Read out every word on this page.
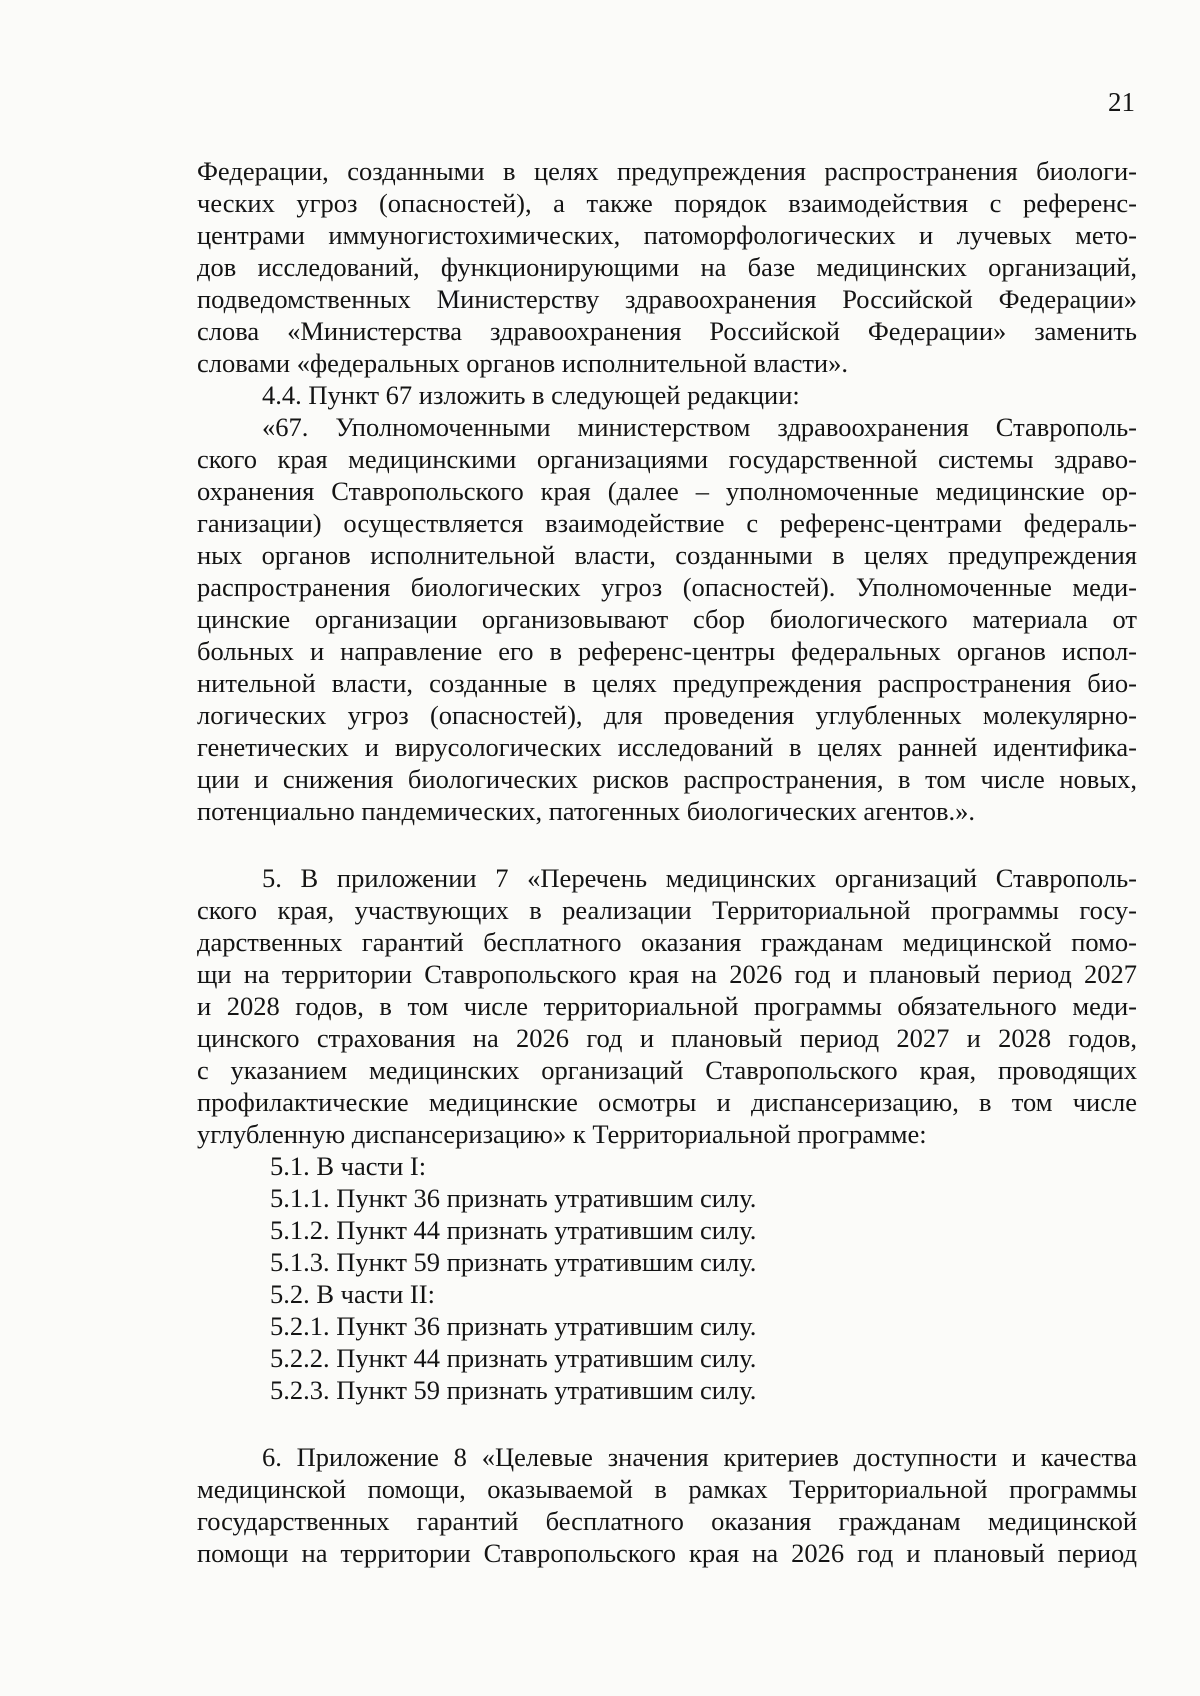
21
Федерации, созданными в целях предупреждения распространения биологи-
ческих угроз (опасностей), а также порядок взаимодействия с референс-
центрами иммуногистохимических, патоморфологических и лучевых мето-
дов исследований, функционирующими на базе медицинских организаций,
подведомственных Министерству здравоохранения Российской Федерации»
слова «Министерства здравоохранения Российской Федерации» заменить
словами «федеральных органов исполнительной власти».
4.4. Пункт 67 изложить в следующей редакции:
«67. Уполномоченными министерством здравоохранения Ставрополь-
ского края медицинскими организациями государственной системы здраво-
охранения Ставропольского края (далее – уполномоченные медицинские ор-
ганизации) осуществляется взаимодействие с референс-центрами федераль-
ных органов исполнительной власти, созданными в целях предупреждения
распространения биологических угроз (опасностей). Уполномоченные меди-
цинские организации организовывают сбор биологического материала от
больных и направление его в референс-центры федеральных органов испол-
нительной власти, созданные в целях предупреждения распространения био-
логических угроз (опасностей), для проведения углубленных молекулярно-
генетических и вирусологических исследований в целях ранней идентифика-
ции и снижения биологических рисков распространения, в том числе новых,
потенциально пандемических, патогенных биологических агентов.».
5. В приложении 7 «Перечень медицинских организаций Ставрополь-
ского края, участвующих в реализации Территориальной программы госу-
дарственных гарантий бесплатного оказания гражданам медицинской помо-
щи на территории Ставропольского края на 2026 год и плановый период 2027
и 2028 годов, в том числе территориальной программы обязательного меди-
цинского страхования на 2026 год и плановый период 2027 и 2028 годов,
с указанием медицинских организаций Ставропольского края, проводящих
профилактические медицинские осмотры и диспансеризацию, в том числе
углубленную диспансеризацию» к Территориальной программе:
5.1. В части I:
5.1.1. Пункт 36 признать утратившим силу.
5.1.2. Пункт 44 признать утратившим силу.
5.1.3. Пункт 59 признать утратившим силу.
5.2. В части II:
5.2.1. Пункт 36 признать утратившим силу.
5.2.2. Пункт 44 признать утратившим силу.
5.2.3. Пункт 59 признать утратившим силу.
6. Приложение 8 «Целевые значения критериев доступности и качества
медицинской помощи, оказываемой в рамках Территориальной программы
государственных гарантий бесплатного оказания гражданам медицинской
помощи на территории Ставропольского края на 2026 год и плановый период
